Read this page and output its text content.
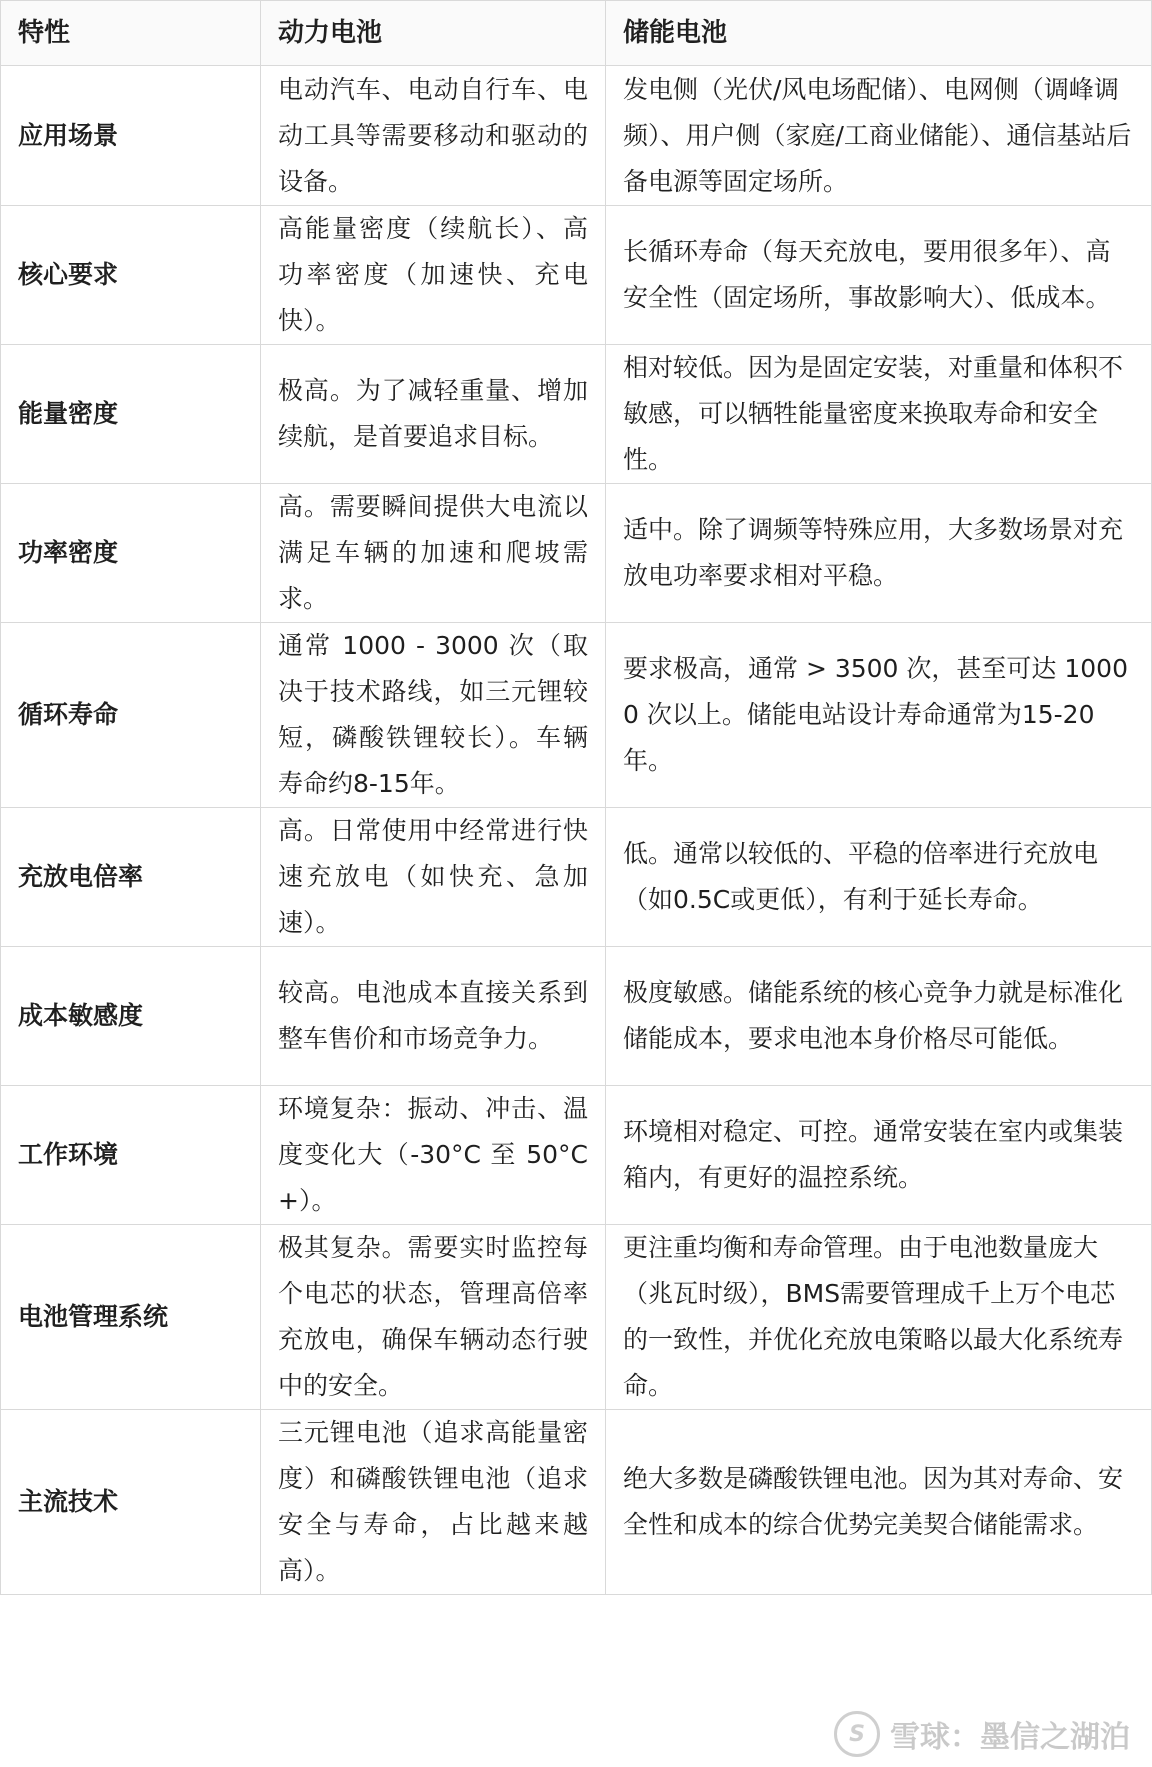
特性	动力电池	储能电池
应用场景	电动汽车、电动自行车、电动工具等需要移动和驱动的设备。	发电侧（光伏/风电场配储）、电网侧（调峰调频）、用户侧（家庭/工商业储能）、通信基站后备电源等固定场所。
核心要求	高能量密度（续航长）、高功率密度（加速快、充电快）。	长循环寿命（每天充放电，要用很多年）、高安全性（固定场所，事故影响大）、低成本。
能量密度	极高。为了减轻重量、增加续航，是首要追求目标。	相对较低。因为是固定安装，对重量和体积不敏感，可以牺牲能量密度来换取寿命和安全性。
功率密度	高。需要瞬间提供大电流以满足车辆的加速和爬坡需求。	适中。除了调频等特殊应用，大多数场景对充放电功率要求相对平稳。
循环寿命	通常 1000 - 3000 次（取决于技术路线，如三元锂较短，磷酸铁锂较长）。车辆寿命约8-15年。	要求极高，通常 > 3500 次，甚至可达 10000 次以上。储能电站设计寿命通常为15-20年。
充放电倍率	高。日常使用中经常进行快速充放电（如快充、急加速）。	低。通常以较低的、平稳的倍率进行充放电（如0.5C或更低），有利于延长寿命。
成本敏感度	较高。电池成本直接关系到整车售价和市场竞争力。	极度敏感。储能系统的核心竞争力就是标准化储能成本，要求电池本身价格尽可能低。
工作环境	环境复杂：振动、冲击、温度变化大（-30°C 至 50°C+）。	环境相对稳定、可控。通常安装在室内或集装箱内，有更好的温控系统。
电池管理系统	极其复杂。需要实时监控每个电芯的状态，管理高倍率充放电，确保车辆动态行驶中的安全。	更注重均衡和寿命管理。由于电池数量庞大（兆瓦时级），BMS需要管理成千上万个电芯的一致性，并优化充放电策略以最大化系统寿命。
主流技术	三元锂电池（追求高能量密度）和磷酸铁锂电池（追求安全与寿命，占比越来越高）。	绝大多数是磷酸铁锂电池。因为其对寿命、安全性和成本的综合优势完美契合储能需求。
S 雪球：墨信之湖泊
